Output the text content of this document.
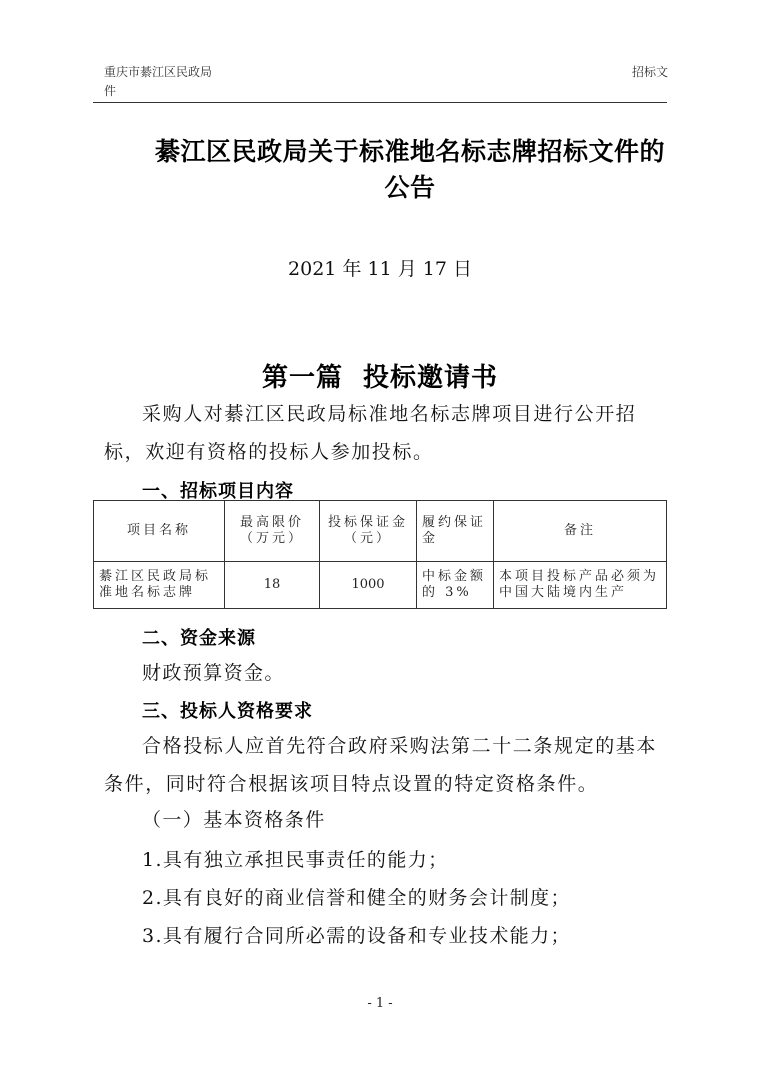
重庆市綦江区民政局
件
招标文
綦江区民政局关于标准地名标志牌招标文件的公告
2021 年 11 月 17 日
第一篇  投标邀请书
采购人对綦江区民政局标准地名标志牌项目进行公开招标，欢迎有资格的投标人参加投标。
一、招标项目内容
项目名称	最高限价（万元）	投标保证金（元）	履约保证金	备注
綦江区民政局标准地名标志牌	18	1000	中标金额的 3%	本项目投标产品必须为中国大陆境内生产
二、资金来源
财政预算资金。
三、投标人资格要求
合格投标人应首先符合政府采购法第二十二条规定的基本条件，同时符合根据该项目特点设置的特定资格条件。
（一）基本资格条件
1.具有独立承担民事责任的能力；
2.具有良好的商业信誉和健全的财务会计制度；
3.具有履行合同所必需的设备和专业技术能力；
- 1 -
